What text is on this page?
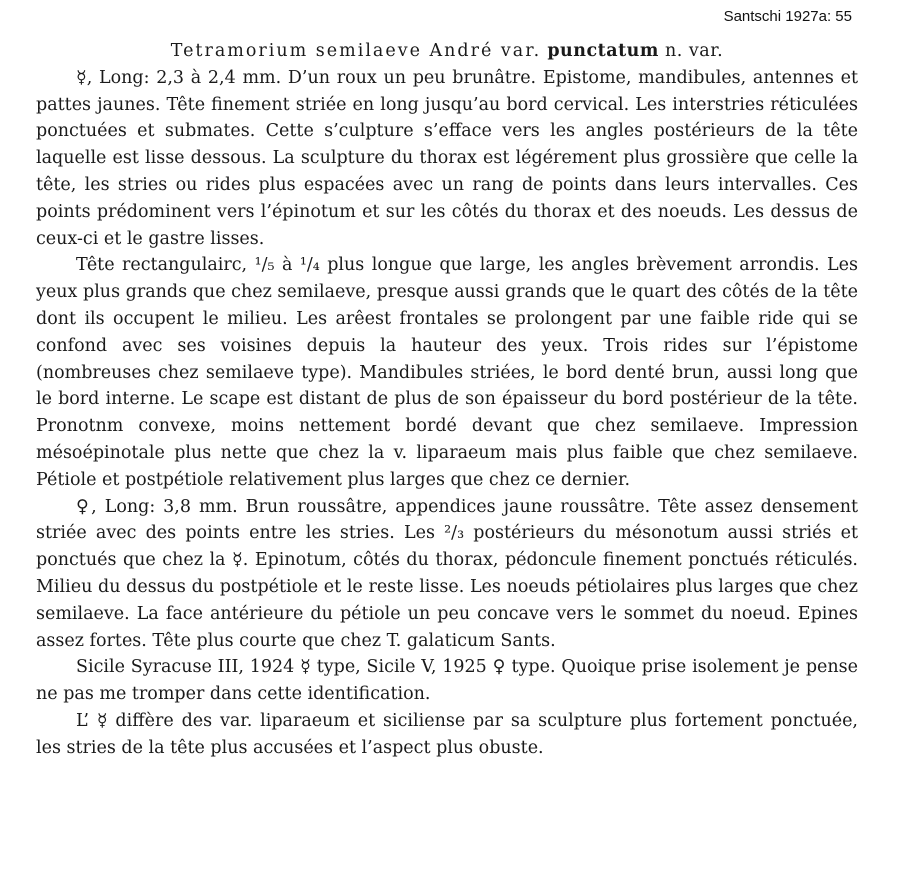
Santschi 1927a: 55

Tetramorium semilaeve André var. punctatum n. var.

☿, Long: 2,3 à 2,4 mm. D’un roux un peu brunâtre. Epistome, mandibules, antennes et pattes jaunes. Tête finement striée en long jusqu’au bord cervical. Les interstries réticulées ponctuées et submates. Cette s’culpture s’efface vers les angles postérieurs de la tête laquelle est lisse dessous. La sculpture du thorax est légérement plus grossière que celle la tête, les stries ou rides plus espacées avec un rang de points dans leurs intervalles. Ces points prédominent vers l’épinotum et sur les côtés du thorax et des noeuds. Les dessus de ceux-ci et le gastre lisses.

Tête rectangulairc, ¹/₅ à ¹/₄ plus longue que large, les angles brèvement arrondis. Les yeux plus grands que chez semilaeve, presque aussi grands que le quart des côtés de la tête dont ils occupent le milieu. Les arêest frontales se prolongent par une faible ride qui se confond avec ses voisines depuis la hauteur des yeux. Trois rides sur l’épistome (nombreuses chez semilaeve type). Mandibules striées, le bord denté brun, aussi long que le bord interne. Le scape est distant de plus de son épaisseur du bord postérieur de la tête. Pronotnm convexe, moins nettement bordé devant que chez semilaeve. Impression mésoépinotale plus nette que chez la v. liparaeum mais plus faible que chez semilaeve. Pétiole et postpétiole relativement plus larges que chez ce dernier.

♀, Long: 3,8 mm. Brun roussâtre, appendices jaune roussâtre. Tête assez densement striée avec des points entre les stries. Les ²/₃ postérieurs du mésonotum aussi striés et ponctués que chez la ☿. Epinotum, côtés du thorax, pédoncule finement ponctués réticulés. Milieu du dessus du postpétiole et le reste lisse. Les noeuds pétiolaires plus larges que chez semilaeve. La face antérieure du pétiole un peu concave vers le sommet du noeud. Epines assez fortes. Tête plus courte que chez T. galaticum Sants.

Sicile Syracuse III, 1924 ☿ type, Sicile V, 1925 ♀ type. Quoique prise isolement je pense ne pas me tromper dans cette identification.

L’ ☿ diffère des var. liparaeum et siciliense par sa sculpture plus fortement ponctuée, les stries de la tête plus accusées et l’aspect plus obuste.
